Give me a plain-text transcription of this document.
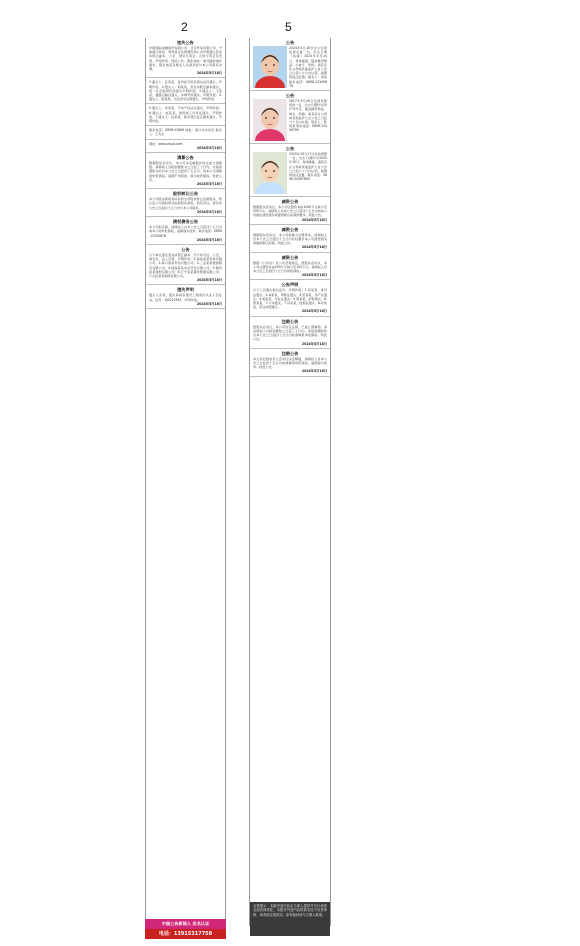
2	5
挂失公告
中国国际金融股份有限公司、北京贸易有限公司、宁波港口物流、贵州省企业管理咨询公司声明遗失营业执照正副本、公章、财务专用章、合同专用章及发票，声明作废。特此公告。联系地址：建设路街道办事处，联系电话及相关人员请及时与本公司联系办理。
2024年5月18日
1.遗失人：张某某，身份证号码及相关证件遗失，声明作废。2.遗失人：刘某某，营业执照正副本遗失，统一社会信用代码遗失声明作废。3.遗失人：王某某，道路运输证遗失，车牌号码遗失，声明作废。4.遗失人：陈某某，出生医学证明遗失，声明作废。
5.遗失人：李某某，不动产权证书遗失，声明作废。6.遗失人：赵某某，建筑施工许可证遗失，声明作废。7.遗失人：孙某某，税务登记证正副本遗失，声明作废。
联系电话：0898-52889 地址：海口市龙华区 联系人：王先生
网址：www.cloud.com
2024年5月18日
清算公告
根据股东会决议，本公司决定解散并依法成立清算组。请债权人自接到通知书之日起三十日内，未接到通知书的自本公告之日起四十五日内，向本公司清算组申报债权。逾期不申报的，视为放弃债权。特此公告。
2024年5月18日
股权转让公告
本公司股东拟将其持有的全部股权转让给新股东，转让后公司债权债务由新股东承担。如有异议，请自本公告之日起四十五日内与本公司联系。
2024年5月18日
债权债务公告
本公司拟注销，请债权人自本公告之日起四十五日内向本公司申报债权，逾期视为放弃。联系电话：0898-12345678
2024年5月18日
公告
以下单位遗失营业执照正副本、开户许可证、公章、财务章、法人章等，声明作废：1.海南某某贸易有限公司；2.海口某某科技有限公司；3.三亚某某旅游服务有限公司；4.琼海某某农业开发有限公司；5.儋州某某建材有限公司；6.万宁某某餐饮管理有限公司；7.文昌某某物流有限公司。
2024年5月18日
遗失声明
遗失人张某，遗失海南省建设工程造价从业人员证书，证号：琼0012345，声明作废。
2024年5月18日
中国公告新闻人 实名认证
电话：13915317758
公告
2024年4月18日在公安局发现女童一名，出生日期（估算）2024年4月14日，身体健康，随身携带物品：小被子、奶粉。请其亲生父母或其他监护人自公告之日起六十日内认领，逾期将依法安置。联系人：刘某 联系电话：0898-12345678
公告
2017年9月26日发现弃婴男孩一名，出生日期约为2017年9月，随身携带物品：棉衣、奶瓶。请其亲生父母或其他监护人自公告之日起六十日内认领。联系人：陈某某 联系电话：0898-23456789
公告
2020年10月17日捡拾男婴一名，出生日期约为2020年10月，身体健康。请其亲生父母或其他监护人自公告之日起六十日内认领，逾期将依法安置。联系电话：0898-34567890
减资公告
根据股东会决议，本公司注册资本由1000万元减少至500万元。请债权人自本公告之日起四十五日内向本公司提出清偿债务或提供相应担保的要求。特此公告。
2024年5月18日
减资公告
根据股东会决议，本公司拟减少注册资本，请债权人自本公告之日起四十五日内有权要求本公司清偿债务或提供相应担保。特此公告。
2024年5月18日
减资公告
根据《公司法》及公司章程规定，经股东会决议，本公司注册资本由200万元减少至100万元。请债权人自本公告之日起四十五日内申报债权。
2024年5月18日
公告声明
以下人员遗失相关证件，声明作废：1.何某某，身份证遗失；2.林某某，驾驶证遗失；3.吴某某，房产证遗失；4.黄某某，毕业证遗失；5.周某某，护照遗失；6.郑某某，户口本遗失；7.冯某某，结婚证遗失；8.许某某，营业执照遗失。
2024年5月18日
注销公告
经股东会决议，本公司决定注销，已成立清算组。请各债权人自接到通知之日起三十日内，未接到通知的自本公告之日起四十五日内向清算组申报债权。特此公告。
2024年5月18日
注销公告
本合作社经成员大会决议决定解散，请债权人自本公告之日起四十五日内向清算组申报债权，逾期视为放弃。特此公告。
2024年5月18日
友情提示：本版刊登内容由当事人提供并自行承担全部法律责任。本报对刊登内容的真实性不负责审核，读者请注意核实。如有疑问请与当事人联系。
